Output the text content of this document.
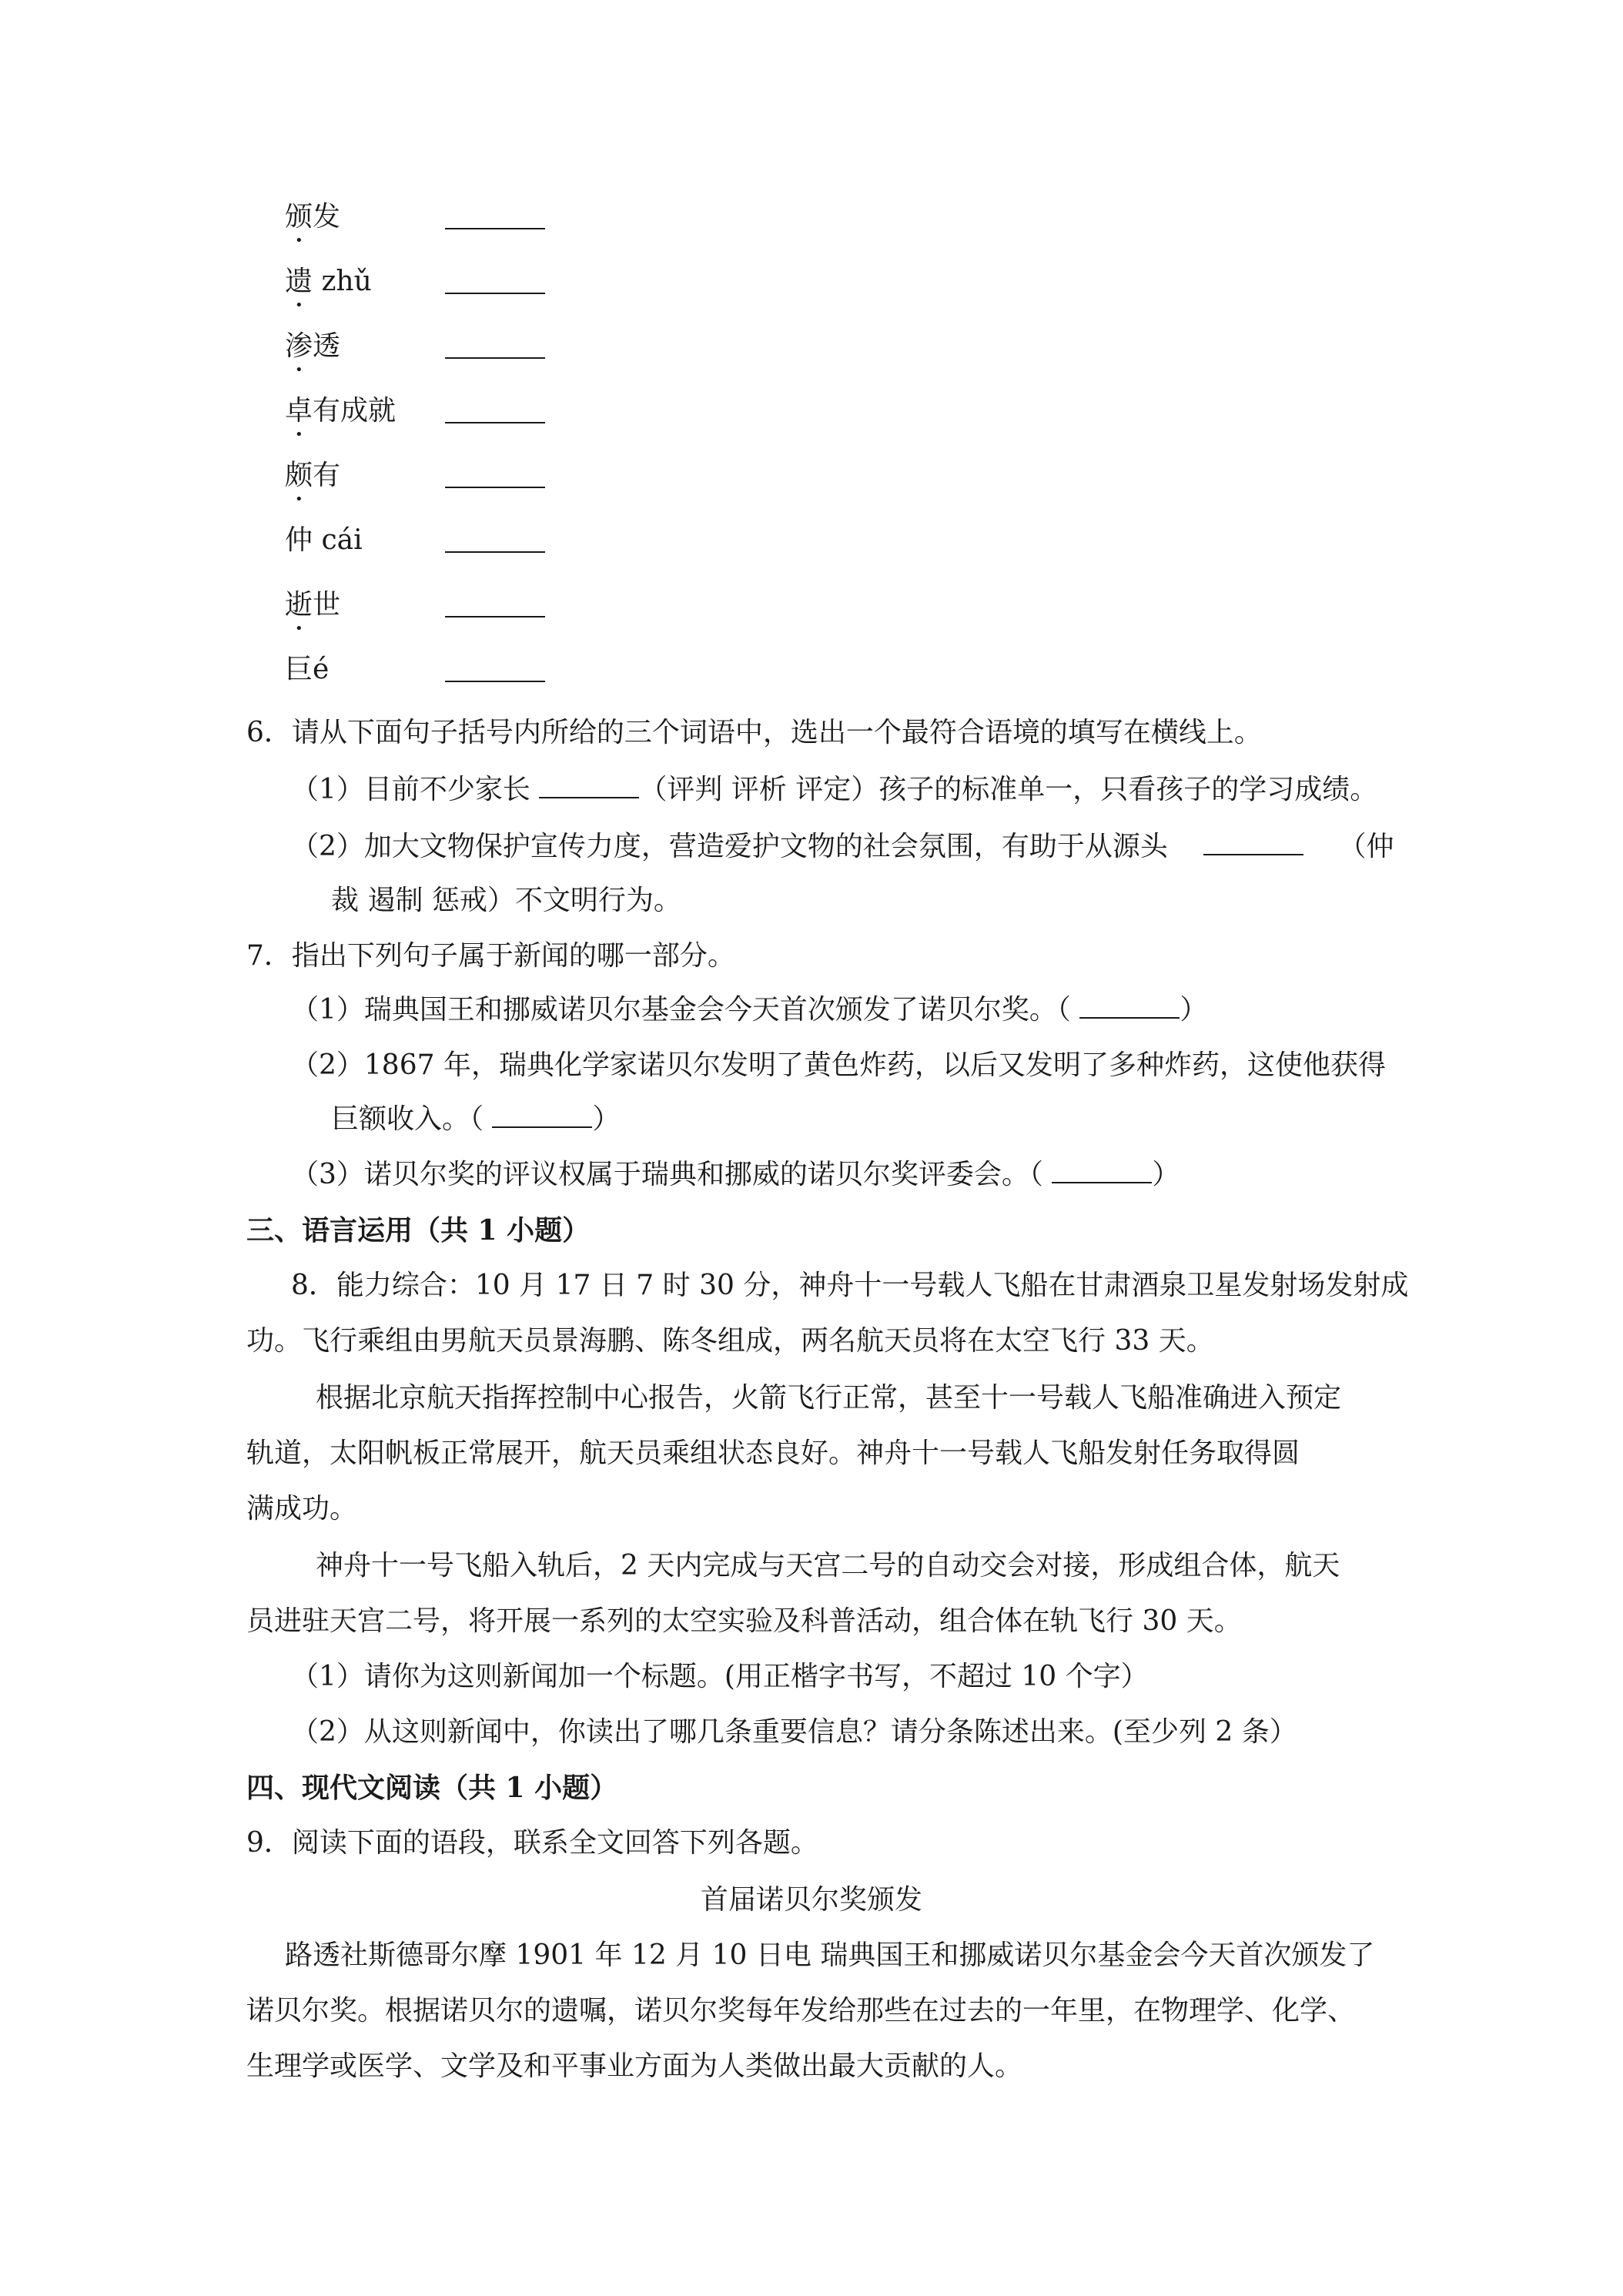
颁发
遗 zhǔ
渗透
卓有成就
颇有
仲 cái
逝世
巨é
6．请从下面句子括号内所给的三个词语中，选出一个最符合语境的填写在横线上。
（1）目前不少家长	（评判 评析 评定）孩子的标准单一，只看孩子的学习成绩。
（2）加大文物保护宣传力度，营造爱护文物的社会氛围，有助于从源头	（仲
裁 遏制 惩戒）不文明行为。
7．指出下列句子属于新闻的哪一部分。
（1）瑞典国王和挪威诺贝尔基金会今天首次颁发了诺贝尔奖。（	）
（2）1867 年，瑞典化学家诺贝尔发明了黄色炸药，以后又发明了多种炸药，这使他获得
巨额收入。（	）
（3）诺贝尔奖的评议权属于瑞典和挪威的诺贝尔奖评委会。（	）
三、语言运用（共 1 小题）
8．能力综合：10 月 17 日 7 时 30 分，神舟十一号载人飞船在甘肃酒泉卫星发射场发射成
功。飞行乘组由男航天员景海鹏、陈冬组成，两名航天员将在太空飞行 33 天。
根据北京航天指挥控制中心报告，火箭飞行正常，甚至十一号载人飞船准确进入预定
轨道，太阳帆板正常展开，航天员乘组状态良好。神舟十一号载人飞船发射任务取得圆
满成功。
神舟十一号飞船入轨后，2 天内完成与天宫二号的自动交会对接，形成组合体，航天
员进驻天宫二号，将开展一系列的太空实验及科普活动，组合体在轨飞行 30 天。
（1）请你为这则新闻加一个标题。(用正楷字书写，不超过 10 个字）
（2）从这则新闻中，你读出了哪几条重要信息？请分条陈述出来。(至少列 2 条）
四、现代文阅读（共 1 小题）
9．阅读下面的语段，联系全文回答下列各题。
首届诺贝尔奖颁发
路透社斯德哥尔摩 1901 年 12 月 10 日电 瑞典国王和挪威诺贝尔基金会今天首次颁发了
诺贝尔奖。根据诺贝尔的遗嘱，诺贝尔奖每年发给那些在过去的一年里，在物理学、化学、
生理学或医学、文学及和平事业方面为人类做出最大贡献的人。
